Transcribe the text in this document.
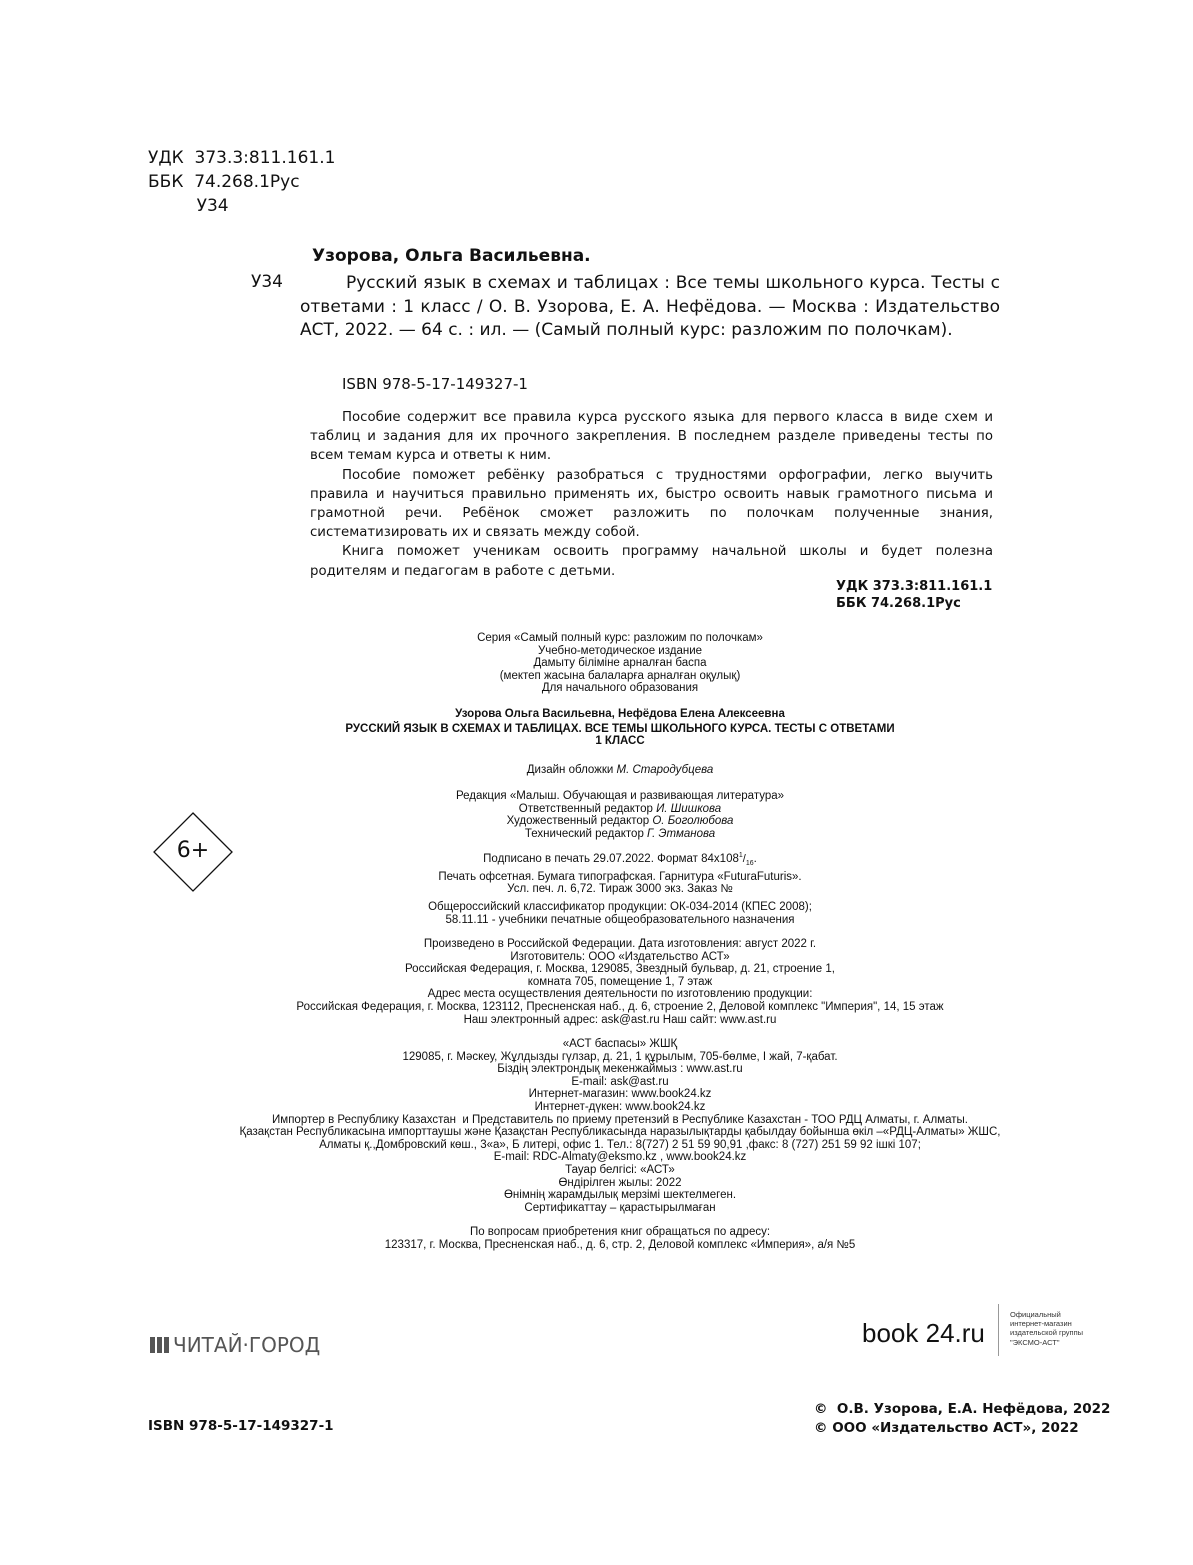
УДК  373.3:811.161.1
ББК  74.268.1Рус
У34
Узорова, Ольга Васильевна.
У34	Русский язык в схемах и таблицах : Все темы школьного курса. Тесты с ответами : 1 класс / О. В. Узорова, Е. А. Нефёдова. — Москва : Издательство АСТ, 2022. — 64 с. : ил. — (Самый полный курс: разложим по полочкам).

ISBN 978-5-17-149327-1

Пособие содержит все правила курса русского языка для первого класса в виде схем и таблиц и задания для их прочного закрепления. В последнем разделе приведены тесты по всем темам курса и ответы к ним.

Пособие поможет ребёнку разобраться с трудностями орфографии, легко выучить правила и научиться правильно применять их, быстро освоить навык грамотного письма и грамотной речи. Ребёнок сможет разложить по полочкам полученные знания, систематизировать их и связать между собой.

Книга поможет ученикам освоить программу начальной школы и будет полезна родителям и педагогам в работе с детьми.

УДК 373.3:811.161.1
ББК 74.268.1Рус
Серия «Самый полный курс: разложим по полочкам»
Учебно-методическое издание
Дамыту біліміне арналған баспа
(мектеп жасына балаларға арналған оқулық)
Для начального образования
Узорова Ольга Васильевна, Нефёдова Елена Алексеевна
РУССКИЙ ЯЗЫК В СХЕМАХ И ТАБЛИЦАХ. ВСЕ ТЕМЫ ШКОЛЬНОГО КУРСА. ТЕСТЫ С ОТВЕТАМИ
1 КЛАСС
Дизайн обложки М. Стародубцева
Редакция «Малыш. Обучающая и развивающая литература»
Ответственный редактор И. Шишкова
Художественный редактор О. Боголюбова
Технический редактор Г. Этманова
6+	Подписано в печать 29.07.2022. Формат $84х108^1/_{16}$.
Печать офсетная. Бумага типографская. Гарнитура «FuturaFuturis».
Усл. печ. л. 6,72. Тираж 3000 экз. Заказ №
Общероссийский классификатор продукции: ОК-034-2014 (КПЕС 2008);
58.11.11 - учебники печатные общеобразовательного назначения
Произведено в Российской Федерации. Дата изготовления: август 2022 г.
Изготовитель: ООО «Издательство АСТ»
Российская Федерация, г. Москва, 129085, Звездный бульвар, д. 21, строение 1,
комната 705, помещение 1, 7 этаж
Адрес места осуществления деятельности по изготовлению продукции:
Российская Федерация, г. Москва, 123112, Пресненская наб., д. 6, строение 2, Деловой комплекс "Империя", 14, 15 этаж
Наш электронный адрес: ask@ast.ru Наш сайт: www.ast.ru
«АСТ баспасы» ЖШҚ
129085, г. Мәскеу, Жұлдызды гүлзар, д. 21, 1 құрылым, 705-бөлме, I жай, 7-қабат.
Біздің электрондық мекенжаймыз : www.ast.ru
E-mail: ask@ast.ru
Интернет-магазин: www.book24.kz
Интернет-дүкен: www.book24.kz
Импортер в Республику Казахстан  и Представитель по приему претензий в Республике Казахстан - ТОО РДЦ Алматы, г. Алматы.
Қазақстан Республикасына импорттаушы және Қазақстан Республикасында наразылықтарды қабылдау бойынша өкіл –«РДЦ-Алматы» ЖШС,
Алматы қ.,Домбровский көш., 3«а», Б литері, офис 1. Тел.: 8(727) 2 51 59 90,91 ,факс: 8 (727) 251 59 92 ішкі 107;
E-mail: RDC-Almaty@eksmo.kz , www.book24.kz
Тауар белгісі: «АСТ»
Өндірілген жылы: 2022
Өнімнің жарамдылық мерзімі шектелмеген.
Сертификаттау – қарастырылмаған
По вопросам приобретения книг обращаться по адресу:
123317, г. Москва, Пресненская наб., д. 6, стр. 2, Деловой комплекс «Империя», а/я №5
ЧИТАЙ·ГОРОД	book 24.ru
Официальный
интернет-магазин
издательской группы
"ЭКСМО-АСТ"
ISBN 978-5-17-149327-1
©  О.В. Узорова, Е.А. Нефёдова, 2022
© ООО «Издательство АСТ», 2022
